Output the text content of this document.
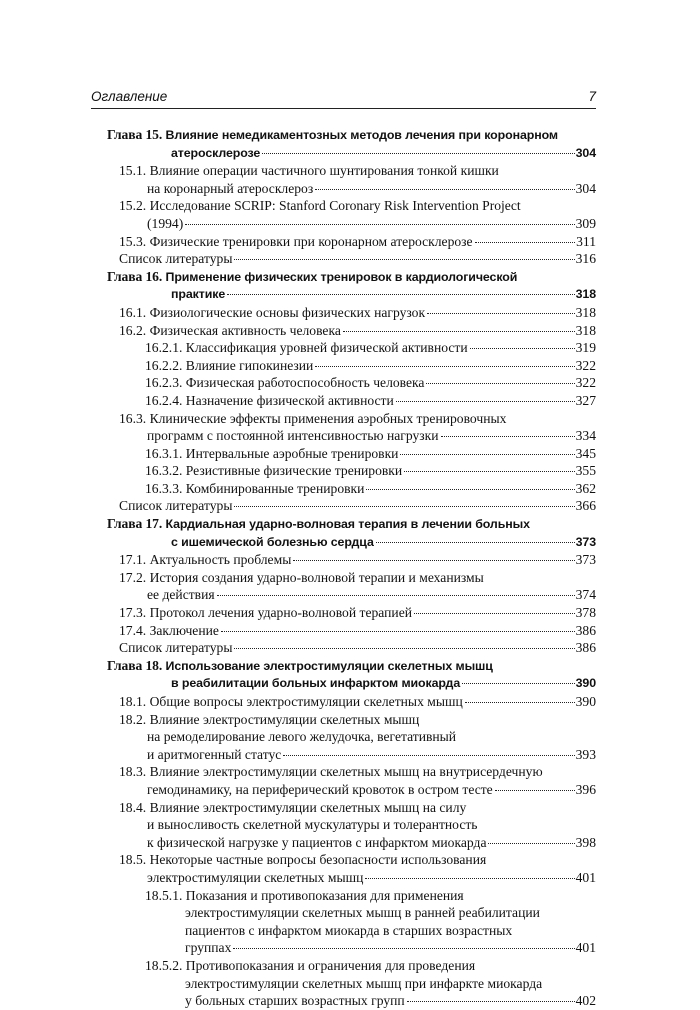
Оглавление	7
Глава 15. Влияние немедикаментозных методов лечения при коронарном
атеросклерозе	304
15.1. Влияние операции частичного шунтирования тонкой кишки
на коронарный атеросклероз	304
15.2. Исследование SCRIP: Stanford Coronary Risk Intervention Project
(1994)	309
15.3. Физические тренировки при коронарном атеросклерозе	311
Список литературы	316
Глава 16. Применение физических тренировок в кардиологической
практике	318
16.1. Физиологические основы физических нагрузок	318
16.2. Физическая активность человека	318
16.2.1. Классификация уровней физической активности	319
16.2.2. Влияние гипокинезии	322
16.2.3. Физическая работоспособность человека	322
16.2.4. Назначение физической активности	327
16.3. Клинические эффекты применения аэробных тренировочных
программ с постоянной интенсивностью нагрузки	334
16.3.1. Интервальные аэробные тренировки	345
16.3.2. Резистивные физические тренировки	355
16.3.3. Комбинированные тренировки	362
Список литературы	366
Глава 17. Кардиальная ударно-волновая терапия в лечении больных
с ишемической болезнью сердца	373
17.1. Актуальность проблемы	373
17.2. История создания ударно-волновой терапии и механизмы
ее действия	374
17.3. Протокол лечения ударно-волновой терапией	378
17.4. Заключение	386
Список литературы	386
Глава 18. Использование электростимуляции скелетных мышц
в реабилитации больных инфарктом миокарда	390
18.1. Общие вопросы электростимуляции скелетных мышц	390
18.2. Влияние электростимуляции скелетных мышц
на ремоделирование левого желудочка, вегетативный
и аритмогенный статус	393
18.3. Влияние электростимуляции скелетных мышц на внутрисердечную
гемодинамику, на периферический кровоток в остром тесте	396
18.4. Влияние электростимуляции скелетных мышц на силу
и выносливость скелетной мускулатуры и толерантность
к физической нагрузке у пациентов с инфарктом миокарда	398
18.5. Некоторые частные вопросы безопасности использования
электростимуляции скелетных мышц	401
18.5.1. Показания и противопоказания для применения
электростимуляции скелетных мышц в ранней реабилитации
пациентов с инфарктом миокарда в старших возрастных
группах	401
18.5.2. Противопоказания и ограничения для проведения
электростимуляции скелетных мышц при инфаркте миокарда
у больных старших возрастных групп	402
